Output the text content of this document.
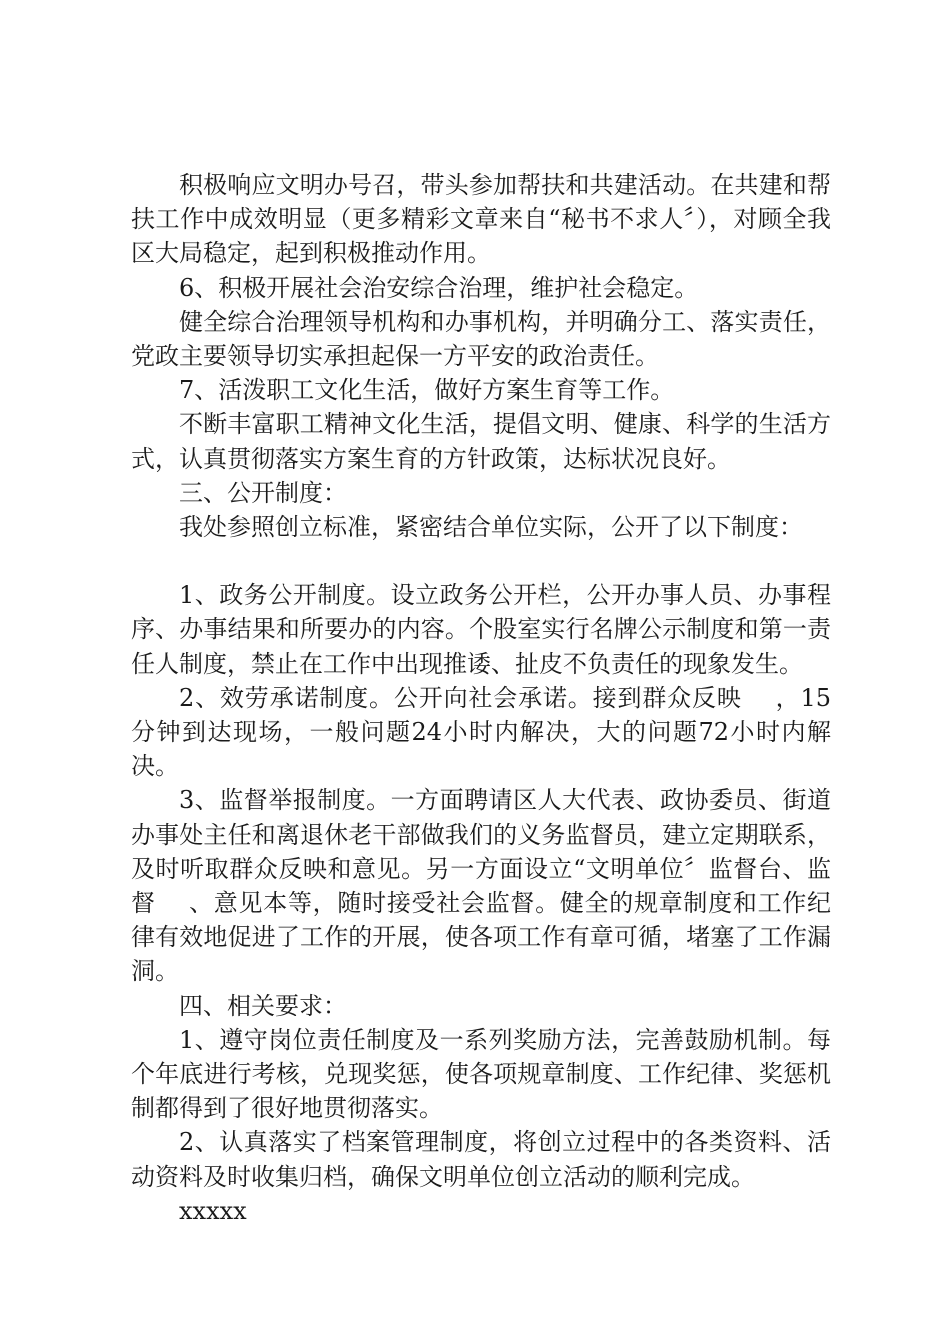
积极响应文明办号召，带头参加帮扶和共建活动。在共建和帮扶工作中成效明显（更多精彩文章来自“秘书不求人〞），对顾全我区大局稳定，起到积极推动作用。

6、积极开展社会治安综合治理，维护社会稳定。

健全综合治理领导机构和办事机构，并明确分工、落实责任，党政主要领导切实承担起保一方平安的政治责任。

7、活泼职工文化生活，做好方案生育等工作。

不断丰富职工精神文化生活，提倡文明、健康、科学的生活方式，认真贯彻落实方案生育的方针政策，达标状况良好。

三、公开制度：

我处参照创立标准，紧密结合单位实际，公开了以下制度：

1、政务公开制度。设立政务公开栏，公开办事人员、办事程序、办事结果和所要办的内容。个股室实行名牌公示制度和第一责任人制度，禁止在工作中出现推诿、扯皮不负责任的现象发生。

2、效劳承诺制度。公开向社会承诺。接到群众反映    ，15分钟到达现场，一般问题24小时内解决，大的问题72小时内解决。

3、监督举报制度。一方面聘请区人大代表、政协委员、街道办事处主任和离退休老干部做我们的义务监督员，建立定期联系，及时听取群众反映和意见。另一方面设立“文明单位〞监督台、监督    、意见本等，随时接受社会监督。健全的规章制度和工作纪律有效地促进了工作的开展，使各项工作有章可循，堵塞了工作漏洞。

四、相关要求：

1、遵守岗位责任制度及一系列奖励方法，完善鼓励机制。每个年底进行考核，兑现奖惩，使各项规章制度、工作纪律、奖惩机制都得到了很好地贯彻落实。

2、认真落实了档案管理制度，将创立过程中的各类资料、活动资料及时收集归档，确保文明单位创立活动的顺利完成。

xxxxx
